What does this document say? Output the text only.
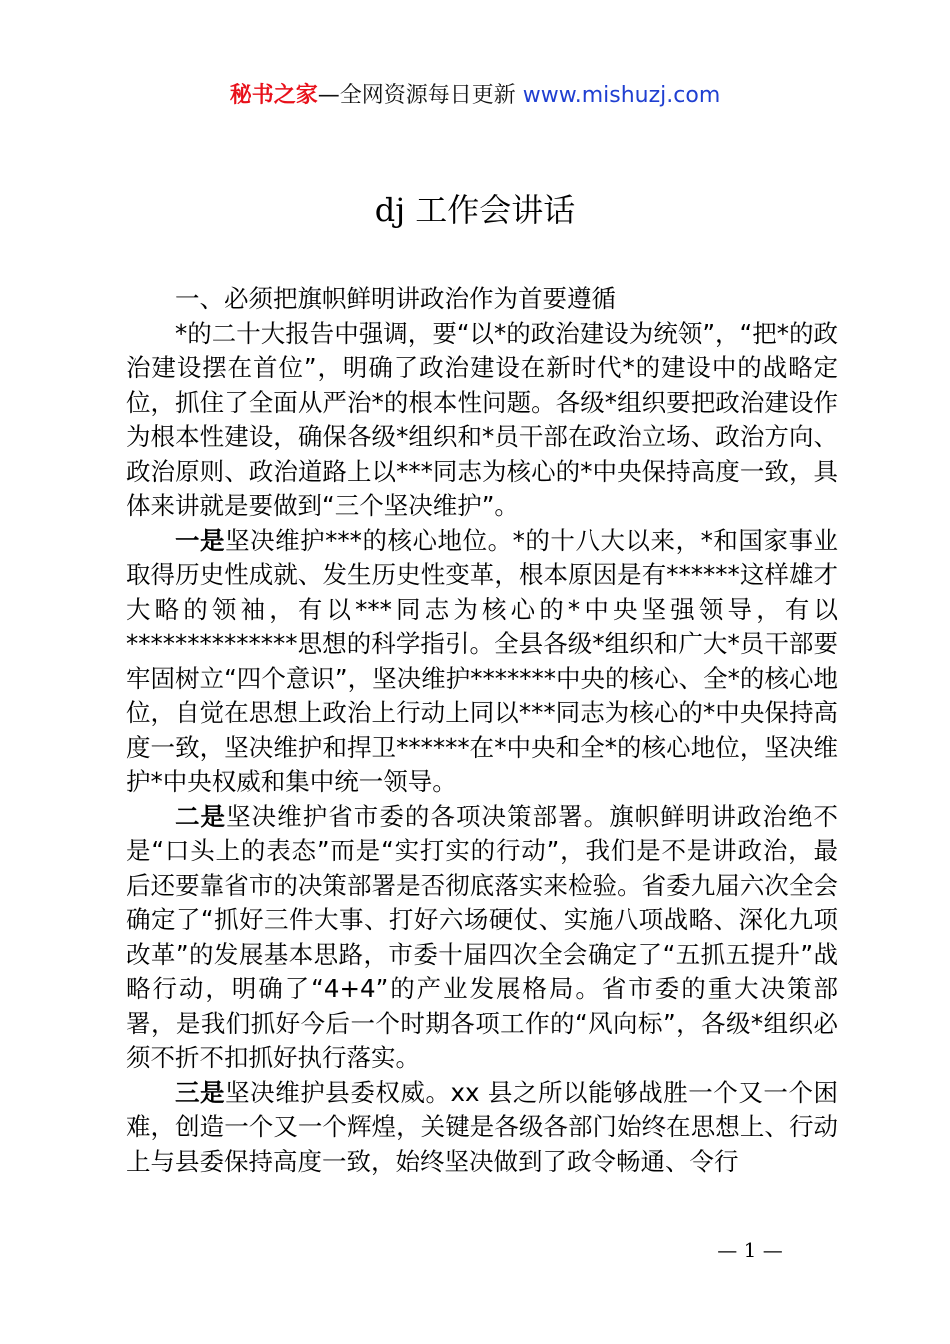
秘书之家—全网资源每日更新 www.mishuzj.com
dj 工作会讲话

一、必须把旗帜鲜明讲政治作为首要遵循

*的二十大报告中强调，要“以*的政治建设为统领”，“把*的政治建设摆在首位”，明确了政治建设在新时代*的建设中的战略定位，抓住了全面从严治*的根本性问题。各级*组织要把政治建设作为根本性建设，确保各级*组织和*员干部在政治立场、政治方向、政治原则、政治道路上以***同志为核心的*中央保持高度一致，具体来讲就是要做到“三个坚决维护”。

一是坚决维护***的核心地位。*的十八大以来，*和国家事业取得历史性成就、发生历史性变革，根本原因是有******这样雄才大略的领袖，有以***同志为核心的*中央坚强领导，有以**************思想的科学指引。全县各级*组织和广大*员干部要牢固树立“四个意识”，坚决维护*******中央的核心、全*的核心地位，自觉在思想上政治上行动上同以***同志为核心的*中央保持高度一致，坚决维护和捍卫******在*中央和全*的核心地位，坚决维护*中央权威和集中统一领导。

二是坚决维护省市委的各项决策部署。旗帜鲜明讲政治绝不是“口头上的表态”而是“实打实的行动”，我们是不是讲政治，最后还要靠省市的决策部署是否彻底落实来检验。省委九届六次全会确定了“抓好三件大事、打好六场硬仗、实施八项战略、深化九项改革”的发展基本思路，市委十届四次全会确定了“五抓五提升”战略行动，明确了“4+4”的产业发展格局。省市委的重大决策部署，是我们抓好今后一个时期各项工作的“风向标”，各级*组织必须不折不扣抓好执行落实。

三是坚决维护县委权威。xx 县之所以能够战胜一个又一个困难，创造一个又一个辉煌，关键是各级各部门始终在思想上、行动上与县委保持高度一致，始终坚决做到了政令畅通、令行

— 1 —
